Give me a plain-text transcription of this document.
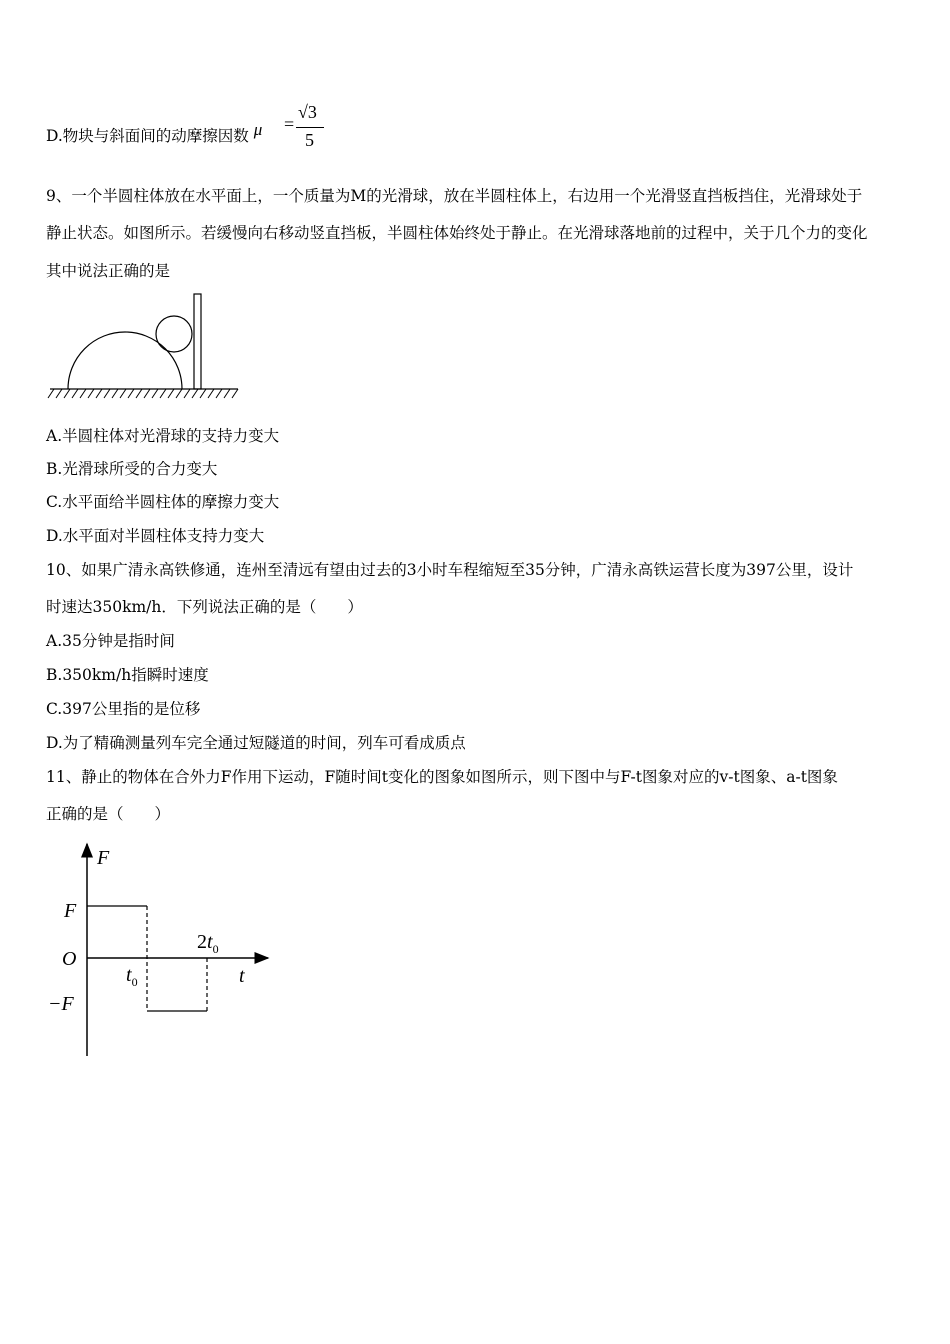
D.物块与斜面间的动摩擦因数 μ =
√3
5
9、一个半圆柱体放在水平面上，一个质量为M的光滑球，放在半圆柱体上，右边用一个光滑竖直挡板挡住，光滑球处于
静止状态。如图所示。若缓慢向右移动竖直挡板，半圆柱体始终处于静止。在光滑球落地前的过程中，关于几个力的变化
其中说法正确的是
A.半圆柱体对光滑球的支持力变大
B.光滑球所受的合力变大
C.水平面给半圆柱体的摩擦力变大
D.水平面对半圆柱体支持力变大
10、如果广清永高铁修通，连州至清远有望由过去的3小时车程缩短至35分钟，广清永高铁运营长度为397公里，设计
时速达350km/h．下列说法正确的是（　　）
A.35分钟是指时间
B.350km/h指瞬时速度
C.397公里指的是位移
D.为了精确测量列车完全通过短隧道的时间，列车可看成质点
11、静止的物体在合外力F作用下运动，F随时间t变化的图象如图所示，则下图中与F-t图象对应的v-t图象、a-t图象
正确的是（　　）
F
t
F
O
−F
$t_0$
$2t_0$
